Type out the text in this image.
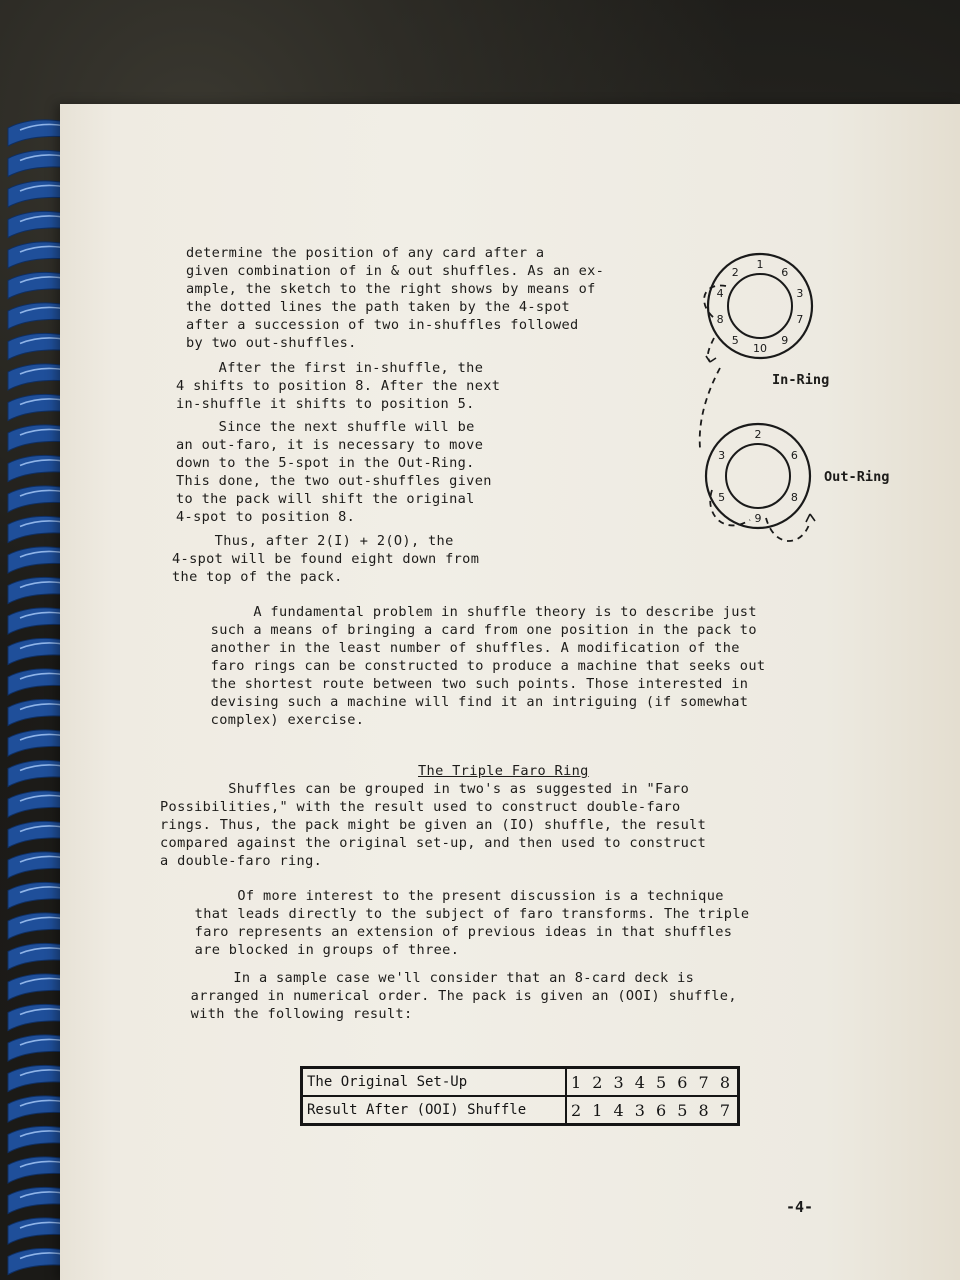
determine the position of any card after a
given combination of in & out shuffles. As an ex-
ample, the sketch to the right shows by means of
the dotted lines the path taken by the 4-spot
after a succession of two in-shuffles followed
by two out-shuffles.
After the first in-shuffle, the
4 shifts to position 8. After the next
in-shuffle it shifts to position 5.
Since the next shuffle will be
an out-faro, it is necessary to move
down to the 5-spot in the Out-Ring.
This done, the two out-shuffles given
to the pack will shift the original
4-spot to position 8.
Thus, after 2(I) + 2(O), the
4-spot will be found eight down from
the top of the pack.
1
6
3
7
9
10
5
8
4
2
2
6
8
9
5
3
In-Ring
Out-Ring
A fundamental problem in shuffle theory is to describe just
such a means of bringing a card from one position in the pack to
another in the least number of shuffles. A modification of the
faro rings can be constructed to produce a machine that seeks out
the shortest route between two such points. Those interested in
devising such a machine will find it an intriguing (if somewhat
complex) exercise.
The Triple Faro Ring
Shuffles can be grouped in two's as suggested in "Faro
Possibilities," with the result used to construct double-faro
rings. Thus, the pack might be given an (IO) shuffle, the result
compared against the original set-up, and then used to construct
a double-faro ring.
Of more interest to the present discussion is a technique
that leads directly to the subject of faro transforms. The triple
faro represents an extension of previous ideas in that shuffles
are blocked in groups of three.
In a sample case we'll consider that an 8-card deck is
arranged in numerical order. The pack is given an (OOI) shuffle,
with the following result:
The Original Set-Up	1 2 3 4 5 6 7 8
Result After (OOI) Shuffle	2 1 4 3 6 5 8 7
-4-
